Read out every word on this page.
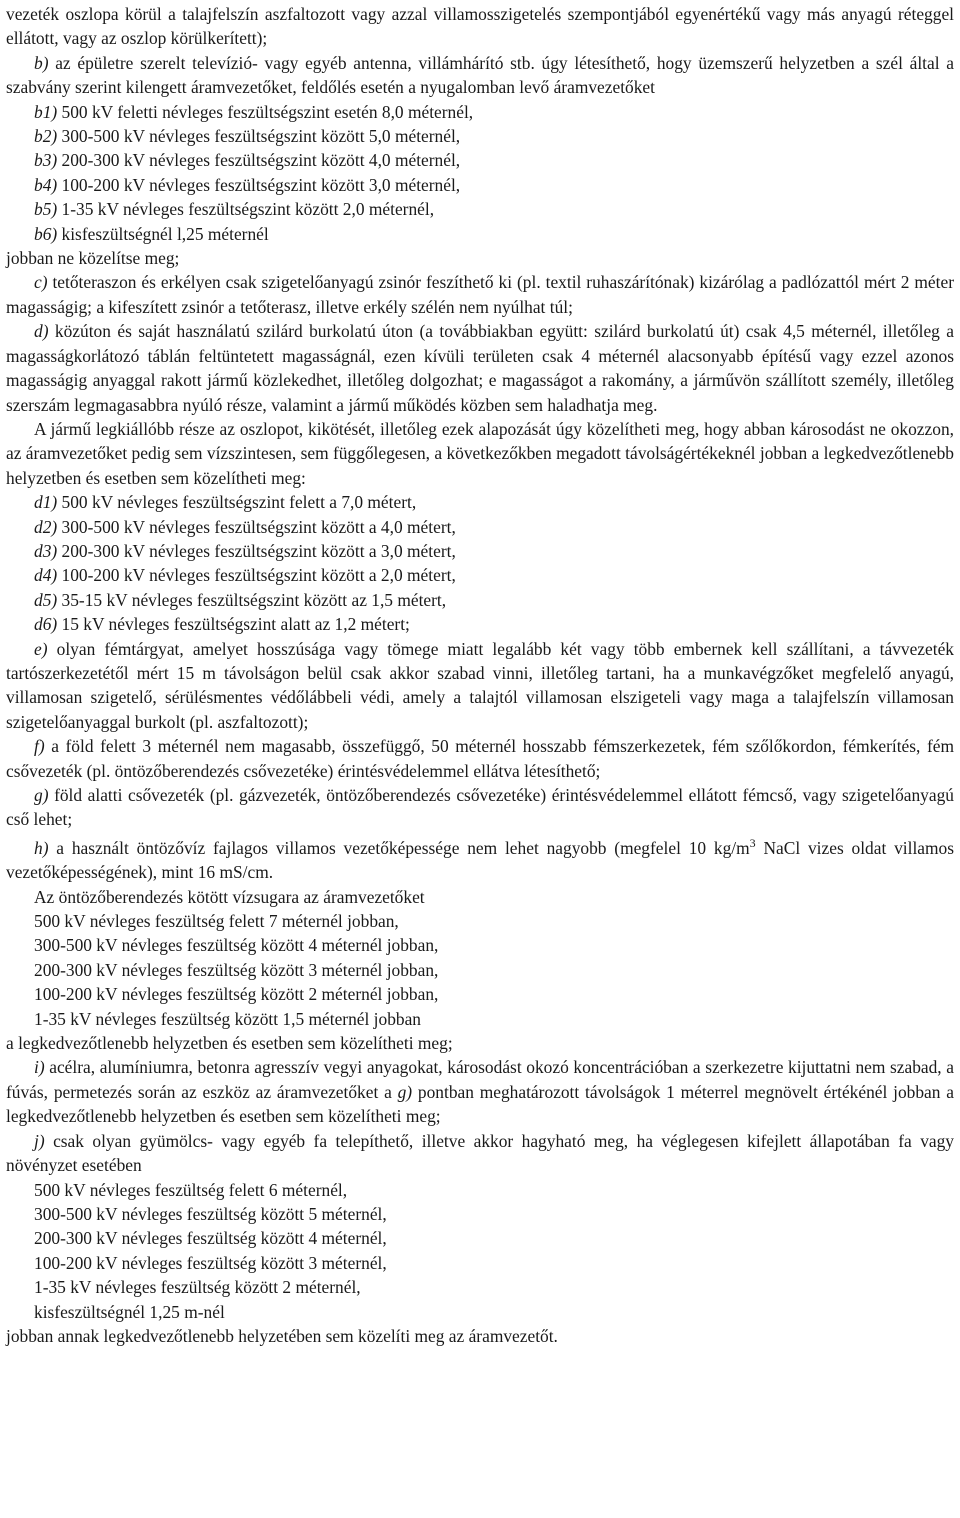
vezeték oszlopa körül a talajfelszín aszfaltozott vagy azzal villamosszigetelés szempontjából egyenértékű vagy más anyagú réteggel ellátott, vagy az oszlop körülkerített);

b) az épületre szerelt televízió- vagy egyéb antenna, villámhárító stb. úgy létesíthető, hogy üzemszerű helyzetben a szél által a szabvány szerint kilengett áramvezetőket, feldőlés esetén a nyugalomban levő áramvezetőket

b1) 500 kV feletti névleges feszültségszint esetén 8,0 méternél,

b2) 300-500 kV névleges feszültségszint között 5,0 méternél,

b3) 200-300 kV névleges feszültségszint között 4,0 méternél,

b4) 100-200 kV névleges feszültségszint között 3,0 méternél,

b5) 1-35 kV névleges feszültségszint között 2,0 méternél,

b6) kisfeszültségnél l,25 méternél

jobban ne közelítse meg;

c) tetőteraszon és erkélyen csak szigetelőanyagú zsinór feszíthető ki (pl. textil ruhaszárítónak) kizárólag a padlózattól mért 2 méter magasságig; a kifeszített zsinór a tetőterasz, illetve erkély szélén nem nyúlhat túl;

d) közúton és saját használatú szilárd burkolatú úton (a továbbiakban együtt: szilárd burkolatú út) csak 4,5 méternél, illetőleg a magasságkorlátozó táblán feltüntetett magasságnál, ezen kívüli területen csak 4 méternél alacsonyabb építésű vagy ezzel azonos magasságig anyaggal rakott jármű közlekedhet, illetőleg dolgozhat; e magasságot a rakomány, a járművön szállított személy, illetőleg szerszám legmagasabbra nyúló része, valamint a jármű működés közben sem haladhatja meg.

A jármű legkiállóbb része az oszlopot, kikötését, illetőleg ezek alapozását úgy közelítheti meg, hogy abban károsodást ne okozzon, az áramvezetőket pedig sem vízszintesen, sem függőlegesen, a következőkben megadott távolságértékeknél jobban a legkedvezőtlenebb helyzetben és esetben sem közelítheti meg:

d1) 500 kV névleges feszültségszint felett a 7,0 métert,

d2) 300-500 kV névleges feszültségszint között a 4,0 métert,

d3) 200-300 kV névleges feszültségszint között a 3,0 métert,

d4) 100-200 kV névleges feszültségszint között a 2,0 métert,

d5) 35-15 kV névleges feszültségszint között az 1,5 métert,

d6) 15 kV névleges feszültségszint alatt az 1,2 métert;

e) olyan fémtárgyat, amelyet hosszúsága vagy tömege miatt legalább két vagy több embernek kell szállítani, a távvezeték tartószerkezetétől mért 15 m távolságon belül csak akkor szabad vinni, illetőleg tartani, ha a munkavégzőket megfelelő anyagú, villamosan szigetelő, sérülésmentes védőlábbeli védi, amely a talajtól villamosan elszigeteli vagy maga a talajfelszín villamosan szigetelőanyaggal burkolt (pl. aszfaltozott);

f) a föld felett 3 méternél nem magasabb, összefüggő, 50 méternél hosszabb fémszerkezetek, fém szőlőkordon, fémkerítés, fém csővezeték (pl. öntözőberendezés csővezetéke) érintésvédelemmel ellátva létesíthető;

g) föld alatti csővezeték (pl. gázvezeték, öntözőberendezés csővezetéke) érintésvédelemmel ellátott fémcső, vagy szigetelőanyagú cső lehet;

h) a használt öntözővíz fajlagos villamos vezetőképessége nem lehet nagyobb (megfelel 10 $kg/m^3$ NaCl vizes oldat villamos vezetőképességének), mint 16 mS/cm.

Az öntözőberendezés kötött vízsugara az áramvezetőket

500 kV névleges feszültség felett 7 méternél jobban,

300-500 kV névleges feszültség között 4 méternél jobban,

200-300 kV névleges feszültség között 3 méternél jobban,

100-200 kV névleges feszültség között 2 méternél jobban,

1-35 kV névleges feszültség között 1,5 méternél jobban

a legkedvezőtlenebb helyzetben és esetben sem közelítheti meg;

i) acélra, alumíniumra, betonra agresszív vegyi anyagokat, károsodást okozó koncentrációban a szerkezetre kijuttatni nem szabad, a fúvás, permetezés során az eszköz az áramvezetőket a g) pontban meghatározott távolságok 1 méterrel megnövelt értékénél jobban a legkedvezőtlenebb helyzetben és esetben sem közelítheti meg;

j) csak olyan gyümölcs- vagy egyéb fa telepíthető, illetve akkor hagyható meg, ha véglegesen kifejlett állapotában fa vagy növényzet esetében

500 kV névleges feszültség felett 6 méternél,

300-500 kV névleges feszültség között 5 méternél,

200-300 kV névleges feszültség között 4 méternél,

100-200 kV névleges feszültség között 3 méternél,

1-35 kV névleges feszültség között 2 méternél,

kisfeszültségnél 1,25 m-nél

jobban annak legkedvezőtlenebb helyzetében sem közelíti meg az áramvezetőt.
